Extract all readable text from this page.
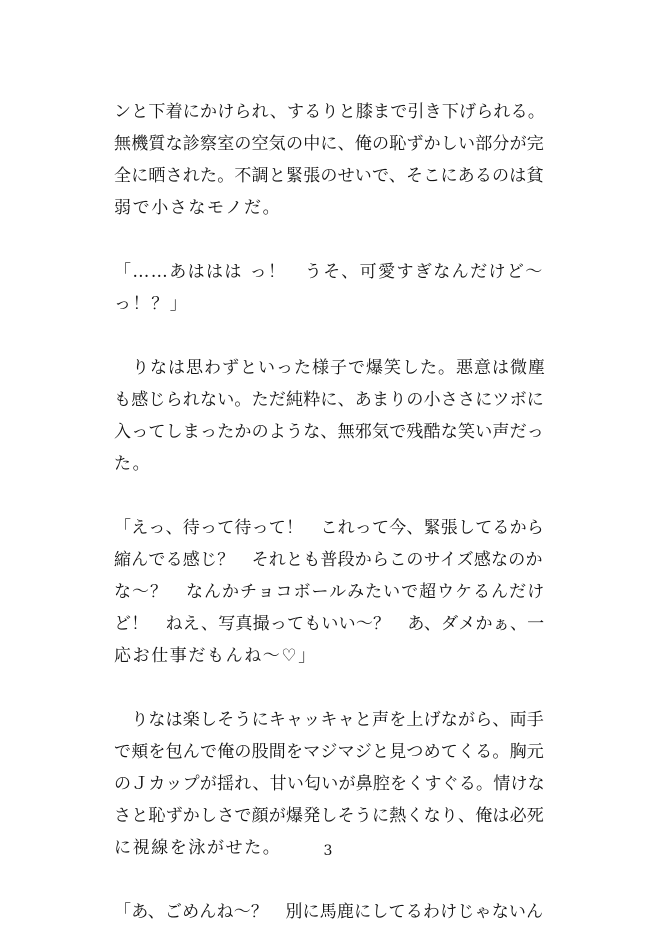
ンと下着にかけられ、するりと膝まで引き下げられる。
無機質な診察室の空気の中に、俺の恥ずかしい部分が完
全に晒された。不調と緊張のせいで、そこにあるのは貧
弱で小さなモノだ。
「……あははは っ！　うそ、可愛すぎなんだけど～
っ！？」
　りなは思わずといった様子で爆笑した。悪意は微塵
も感じられない。ただ純粋に、あまりの小ささにツボに
入ってしまったかのような、無邪気で残酷な笑い声だっ
た。
「えっ、待って待って！　これって今、緊張してるから
縮んでる感じ？　それとも普段からこのサイズ感なのか
な～？　なんかチョコボールみたいで超ウケるんだけ
ど！　ねえ、写真撮ってもいい～？　あ、ダメかぁ、一
応お仕事だもんね～♡」
　りなは楽しそうにキャッキャと声を上げながら、両手
で頬を包んで俺の股間をマジマジと見つめてくる。胸元
のＪカップが揺れ、甘い匂いが鼻腔をくすぐる。情けな
さと恥ずかしさで顔が爆発しそうに熱くなり、俺は必死
に視線を泳がせた。
「あ、ごめんね～？　別に馬鹿にしてるわけじゃないん
3
